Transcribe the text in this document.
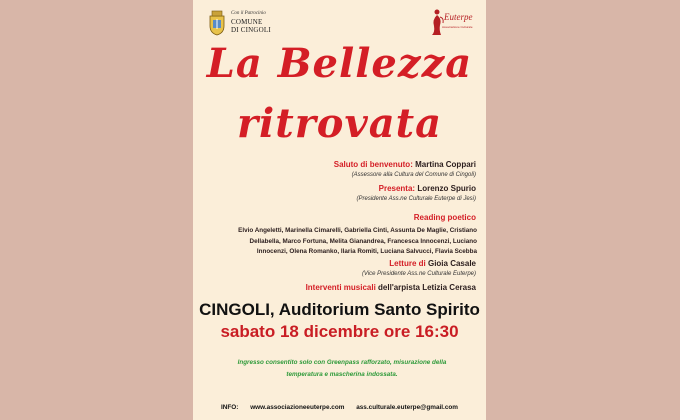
Con il Patrocinio
COMUNE
DI CINGOLI
Euterpe
Associazione Culturale
La Bellezza
ritrovata
Saluto di benvenuto: Martina Coppari
(Assessore alla Cultura del Comune di Cingoli)
Presenta: Lorenzo Spurio
(Presidente Ass.ne Culturale Euterpe di Jesi)
Reading poetico
Elvio Angeletti, Marinella Cimarelli, Gabriella Cinti, Assunta De Maglie, Cristiano
Dellabella, Marco Fortuna, Melita Gianandrea, Francesca Innocenzi, Luciano
Innocenzi, Olena Romanko, Ilaria Romiti, Luciana Salvucci, Flavia Scebba
Letture di Gioia Casale
(Vice Presidente Ass.ne Culturale Euterpe)
Interventi musicali dell'arpista Letizia Cerasa
CINGOLI, Auditorium Santo Spirito
sabato 18 dicembre ore 16:30
Ingresso consentito solo con Greenpass rafforzato, misurazione della
temperatura e mascherina indossata.
INFO: www.associazioneeuterpe.com ass.culturale.euterpe@gmail.com
